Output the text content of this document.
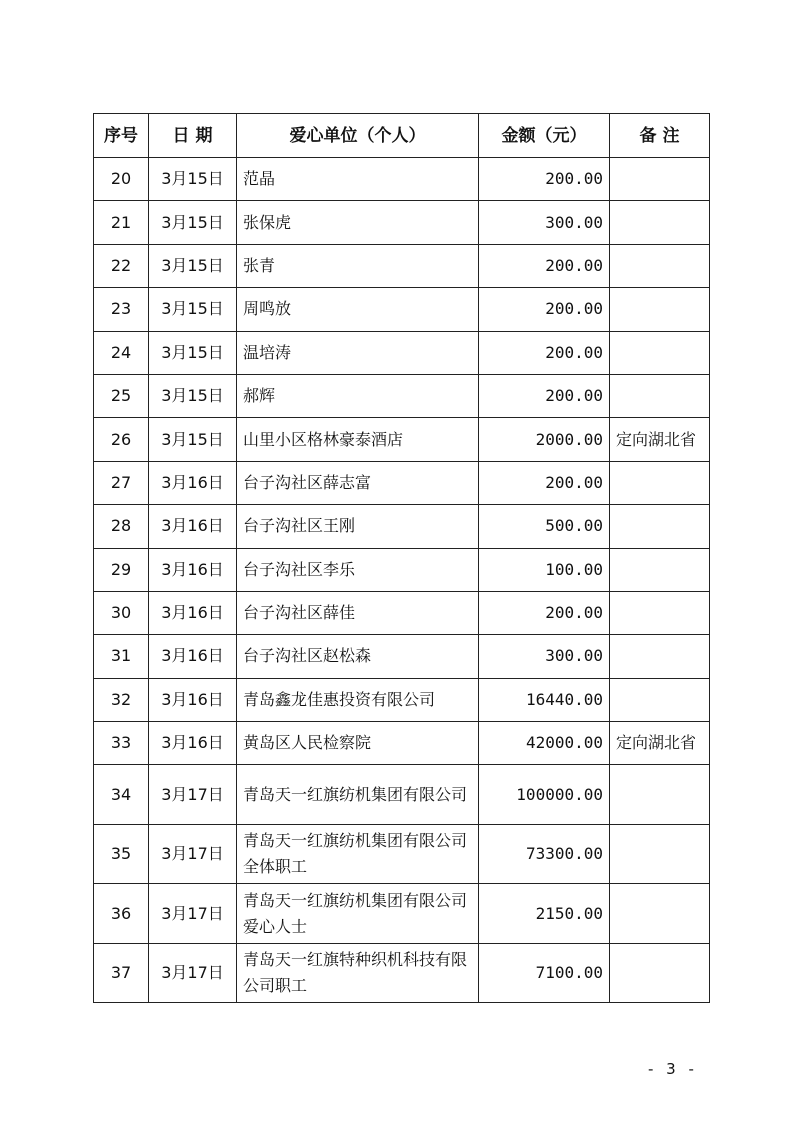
序号	日 期	爱心单位（个人）	金额（元）	备 注
20	3月15日	范晶	200.00	
21	3月15日	张保虎	300.00	
22	3月15日	张青	200.00	
23	3月15日	周鸣放	200.00	
24	3月15日	温培涛	200.00	
25	3月15日	郝辉	200.00	
26	3月15日	山里小区格林豪泰酒店	2000.00	定向湖北省
27	3月16日	台子沟社区薛志富	200.00	
28	3月16日	台子沟社区王刚	500.00	
29	3月16日	台子沟社区李乐	100.00	
30	3月16日	台子沟社区薛佳	200.00	
31	3月16日	台子沟社区赵松森	300.00	
32	3月16日	青岛鑫龙佳惠投资有限公司	16440.00	
33	3月16日	黄岛区人民检察院	42000.00	定向湖北省
34	3月17日	青岛天一红旗纺机集团有限公司	100000.00	
35	3月17日	青岛天一红旗纺机集团有限公司全体职工	73300.00	
36	3月17日	青岛天一红旗纺机集团有限公司爱心人士	2150.00	
37	3月17日	青岛天一红旗特种织机科技有限公司职工	7100.00	
- 3 -
